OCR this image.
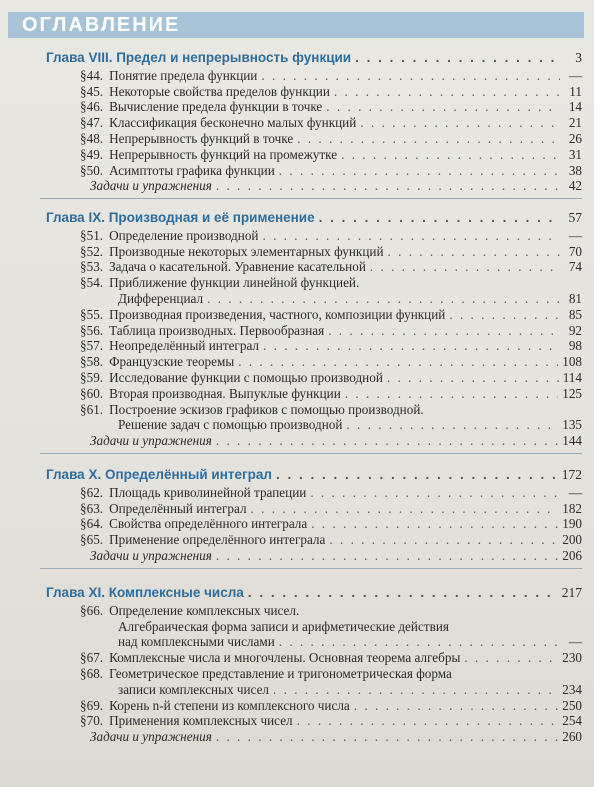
ОГЛАВЛЕНИЕ
Глава VIII. Предел и непрерывность функции . . .	3
§44. Понятие предела функции . . .	—
§45. Некоторые свойства пределов функции . . .	11
§46. Вычисление предела функции в точке . . .	14
§47. Классификация бесконечно малых функций . . .	21
§48. Непрерывность функций в точке . . .	26
§49. Непрерывность функций на промежутке . . .	31
§50. Асимптоты графика функции . . .	38
Задачи и упражнения . . .	42
Глава IX. Производная и её применение . . .	57
§51. Определение производной . . .	—
§52. Производные некоторых элементарных функций . . .	70
§53. Задача о касательной. Уравнение касательной . . .	74
§54. Приближение функции линейной функцией.
Дифференциал . . .	81
§55. Производная произведения, частного, композиции функций . . .	85
§56. Таблица производных. Первообразная . . .	92
§57. Неопределённый интеграл . . .	98
§58. Французские теоремы . . .	108
§59. Исследование функции с помощью производной . . .	114
§60. Вторая производная. Выпуклые функции . . .	125
§61. Построение эскизов графиков с помощью производной.
Решение задач с помощью производной . . .	135
Задачи и упражнения . . .	144
Глава X. Определённый интеграл . . .	172
§62. Площадь криволинейной трапеции . . .	—
§63. Определённый интеграл . . .	182
§64. Свойства определённого интеграла . . .	190
§65. Применение определённого интеграла . . .	200
Задачи и упражнения . . .	206
Глава XI. Комплексные числа . . .	217
§66. Определение комплексных чисел.
Алгебраическая форма записи и арифметические действия
над комплексными числами . . .	—
§67. Комплексные числа и многочлены. Основная теорема алгебры . . .	230
§68. Геометрическое представление и тригонометрическая форма
записи комплексных чисел . . .	234
§69. Корень n-й степени из комплексного числа . . .	250
§70. Применения комплексных чисел . . .	254
Задачи и упражнения . . .	260
